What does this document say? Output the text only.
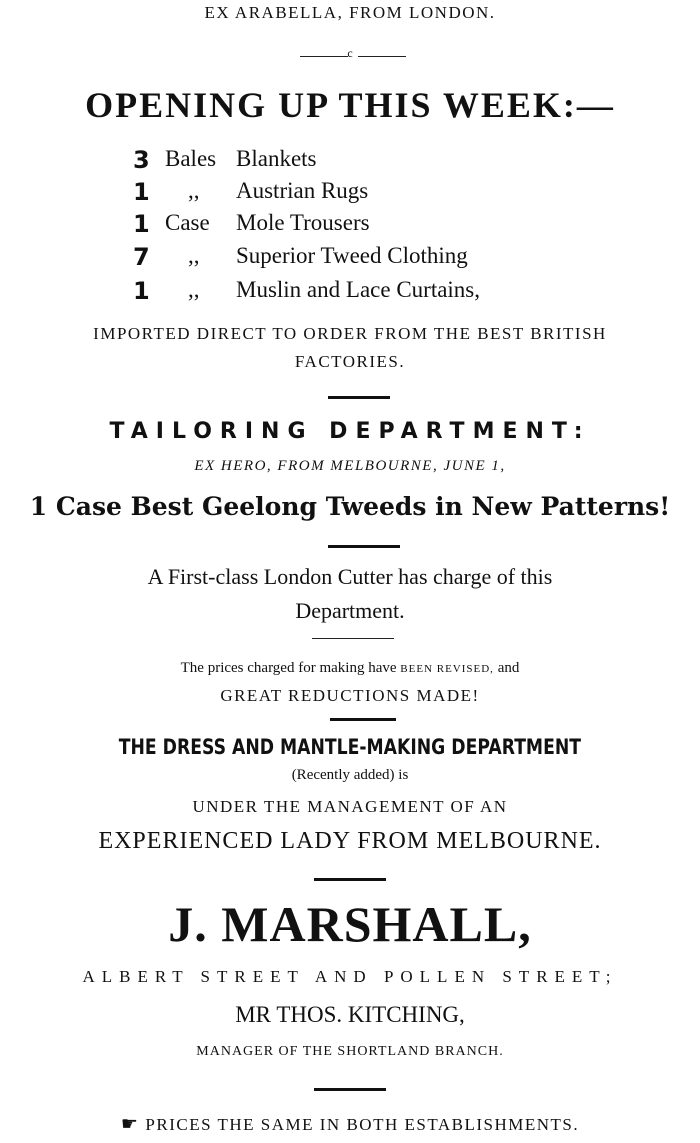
EX ARABELLA, FROM LONDON.
c
OPENING UP THIS WEEK:—
3 Bales Blankets
1 ,, Austrian Rugs
1 Case Mole Trousers
7 ,, Superior Tweed Clothing
1 ,, Muslin and Lace Curtains,
IMPORTED DIRECT TO ORDER FROM THE BEST BRITISH
FACTORIES.
TAILORING DEPARTMENT:
EX HERO, FROM MELBOURNE, JUNE 1,
1 Case Best Geelong Tweeds in New Patterns!
A First-class London Cutter has charge of this
Department.
The prices charged for making have BEEN REVISED, and
GREAT REDUCTIONS MADE!
THE DRESS AND MANTLE-MAKING DEPARTMENT
(Recently added) is
UNDER THE MANAGEMENT OF AN
EXPERIENCED LADY FROM MELBOURNE.
J. MARSHALL,
ALBERT STREET AND POLLEN STREET;
MR THOS. KITCHING,
MANAGER OF THE SHORTLAND BRANCH.
☛ PRICES THE SAME IN BOTH ESTABLISHMENTS.
